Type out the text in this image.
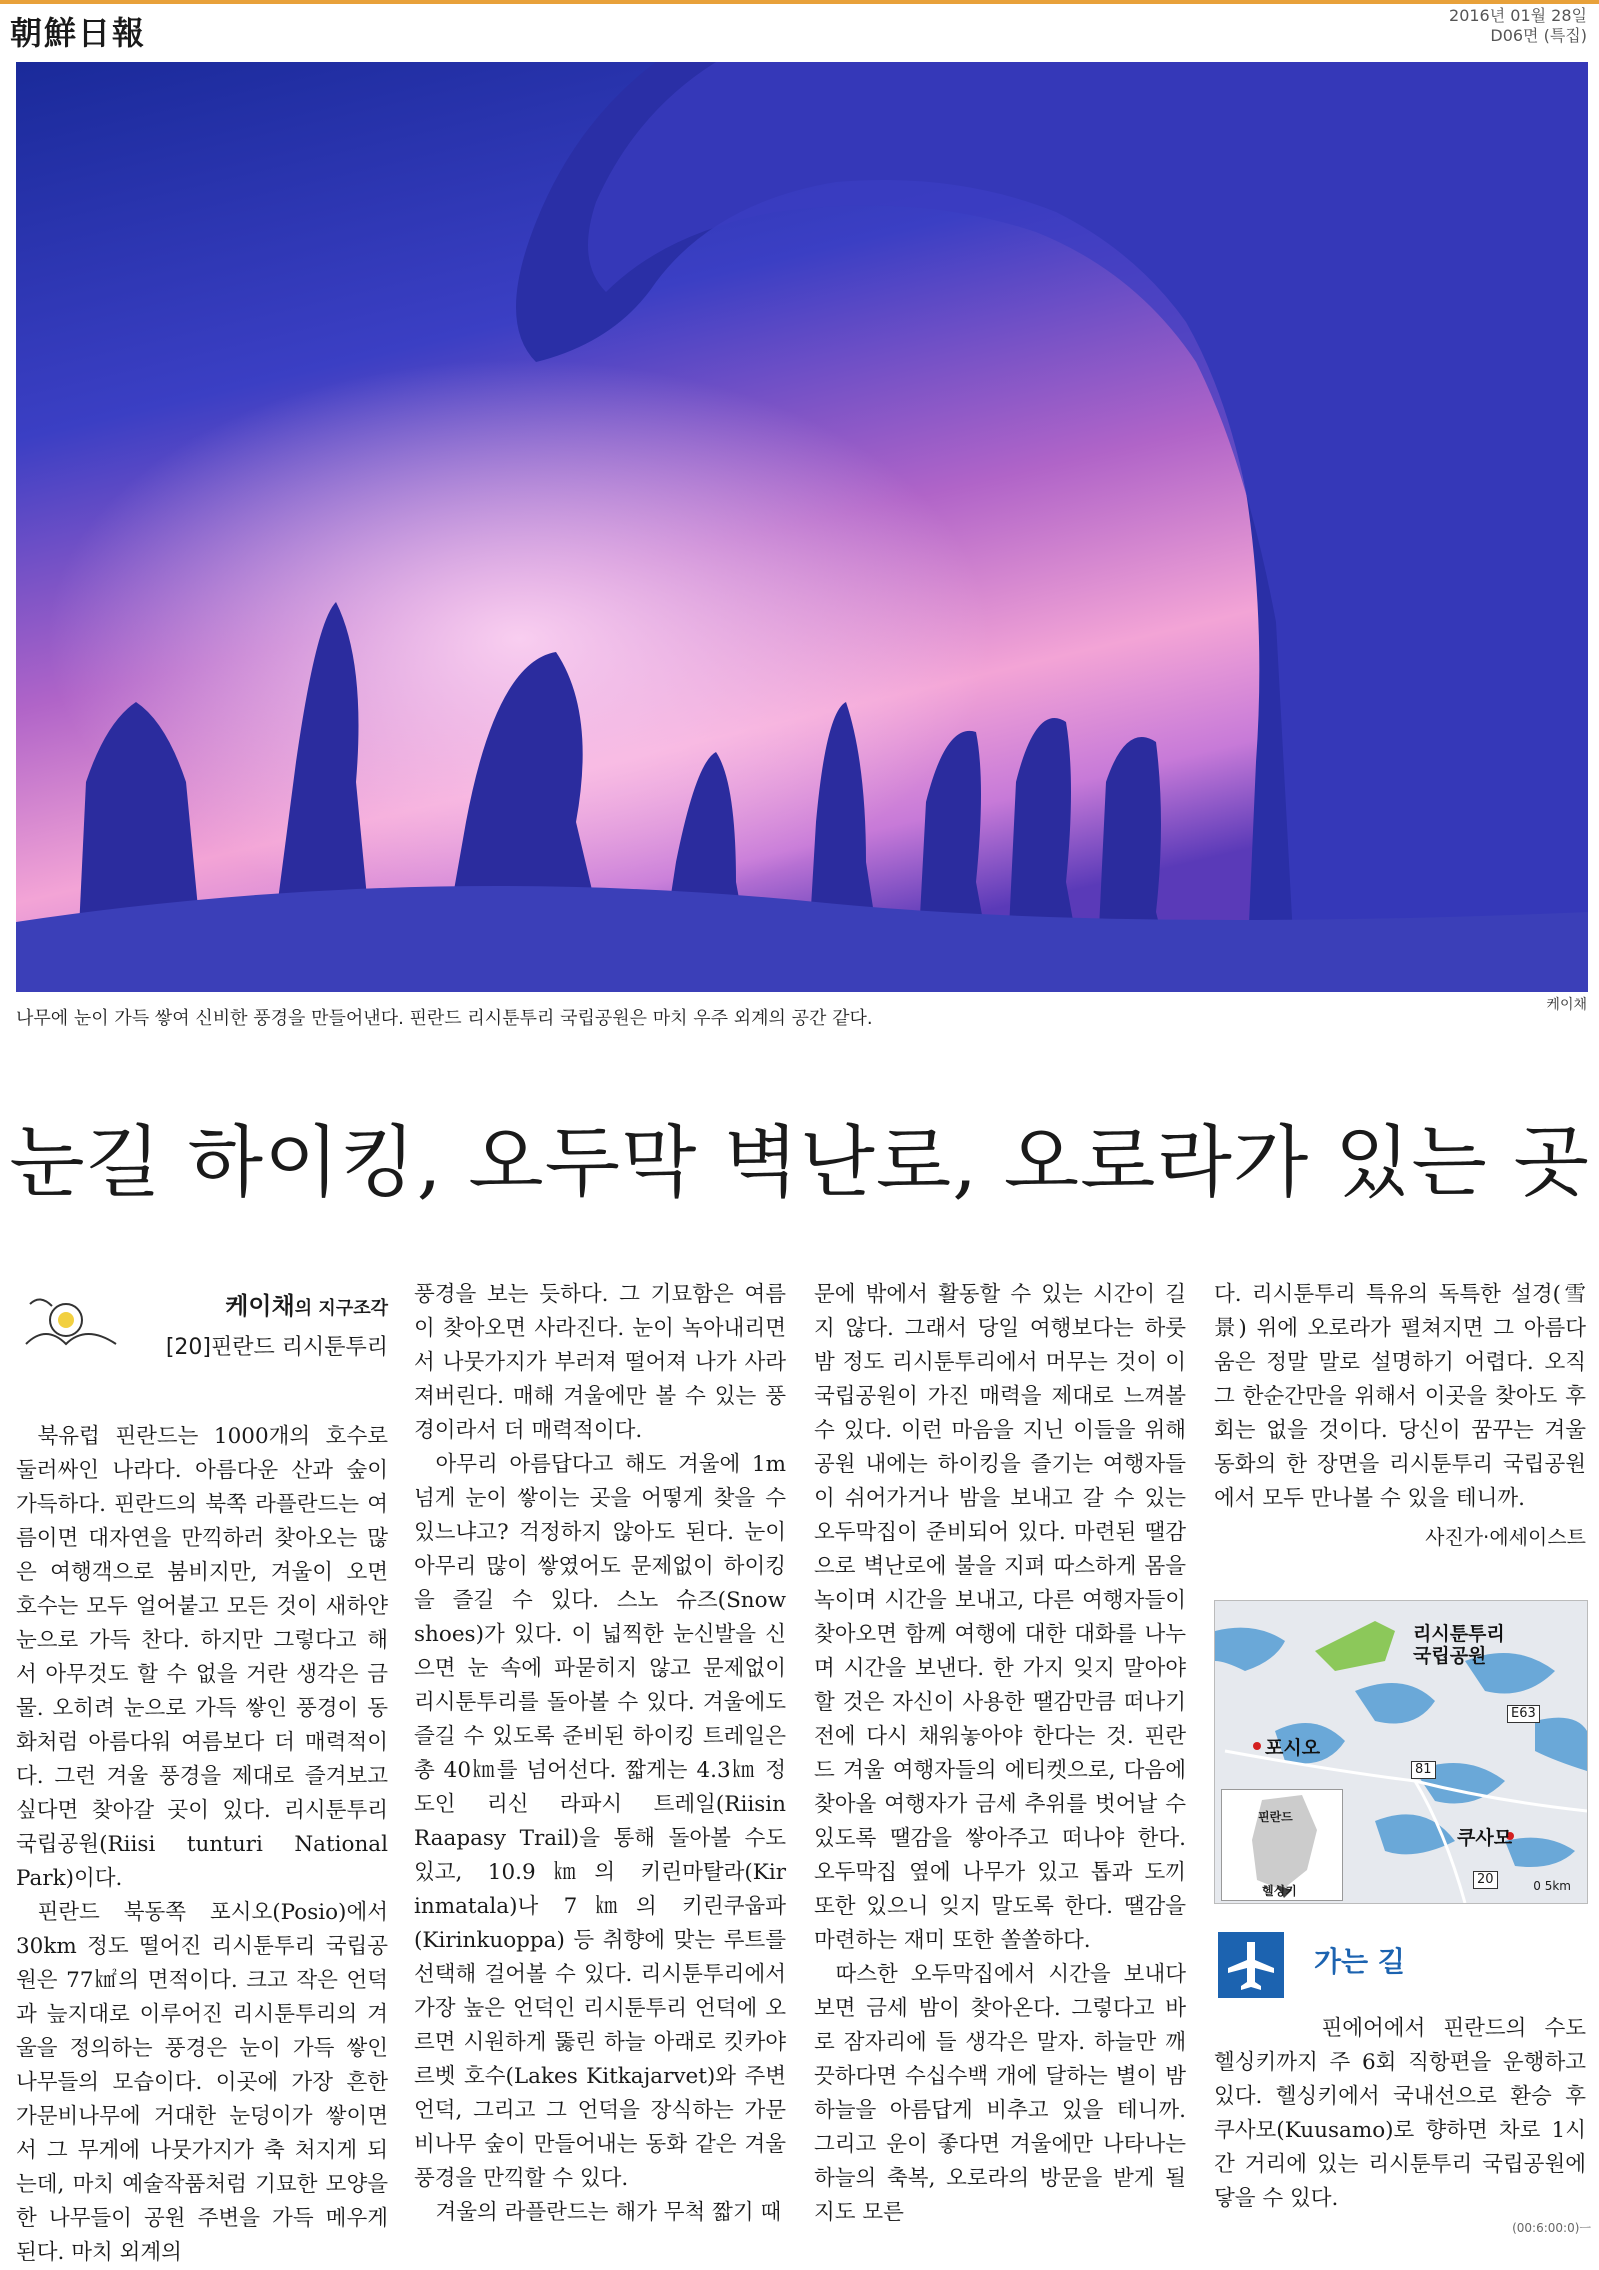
朝鮮日報	2016년 01월 28일
D06면 (특집)
나무에 눈이 가득 쌓여 신비한 풍경을 만들어낸다. 핀란드 리시툰투리 국립공원은 마치 우주 외계의 공간 같다.
케이채
눈길 하이킹, 오두막 벽난로, 오로라가 있는 곳
케이채의 지구조각
[20]핀란드 리시툰투리

북유럽 핀란드는 1000개의 호수로 둘러싸인 나라다. 아름다운 산과 숲이 가득하다. 핀란드의 북쪽 라플란드는 여름이면 대자연을 만끽하러 찾아오는 많은 여행객으로 붐비지만, 겨울이 오면 호수는 모두 얼어붙고 모든 것이 새하얀 눈으로 가득 찬다. 하지만 그렇다고 해서 아무것도 할 수 없을 거란 생각은 금물. 오히려 눈으로 가득 쌓인 풍경이 동화처럼 아름다워 여름보다 더 매력적이다. 그런 겨울 풍경을 제대로 즐겨보고 싶다면 찾아갈 곳이 있다. 리시툰투리 국립공원(Riisi tunturi National Park)이다.

핀란드 북동쪽 포시오(Posio)에서 30km 정도 떨어진 리시툰투리 국립공원은 77㎢의 면적이다. 크고 작은 언덕과 늪지대로 이루어진 리시툰투리의 겨울을 정의하는 풍경은 눈이 가득 쌓인 나무들의 모습이다. 이곳에 가장 흔한 가문비나무에 거대한 눈덩이가 쌓이면서 그 무게에 나뭇가지가 축 처지게 되는데, 마치 예술작품처럼 기묘한 모양을 한 나무들이 공원 주변을 가득 메우게 된다. 마치 외계의

풍경을 보는 듯하다. 그 기묘함은 여름이 찾아오면 사라진다. 눈이 녹아내리면서 나뭇가지가 부러져 떨어져 나가 사라져버린다. 매해 겨울에만 볼 수 있는 풍경이라서 더 매력적이다.

아무리 아름답다고 해도 겨울에 1m 넘게 눈이 쌓이는 곳을 어떻게 찾을 수 있느냐고? 걱정하지 않아도 된다. 눈이 아무리 많이 쌓였어도 문제없이 하이킹을 즐길 수 있다. 스노 슈즈(Snow shoes)가 있다. 이 넓찍한 눈신발을 신으면 눈 속에 파묻히지 않고 문제없이 리시툰투리를 돌아볼 수 있다. 겨울에도 즐길 수 있도록 준비된 하이킹 트레일은 총 40㎞를 넘어선다. 짧게는 4.3㎞ 정도인 리신 라파시 트레일(Riisin Raapasy Trail)을 통해 돌아볼 수도 있고, 10.9㎞의 키린마탈라(Kir inmatala)나 7㎞의 키린쿠웁파(Kirinkuoppa) 등 취향에 맞는 루트를 선택해 걸어볼 수 있다. 리시툰투리에서 가장 높은 언덕인 리시툰투리 언덕에 오르면 시원하게 뚫린 하늘 아래로 킷카야르벳 호수(Lakes Kitkajarvet)와 주변 언덕, 그리고 그 언덕을 장식하는 가문비나무 숲이 만들어내는 동화 같은 겨울 풍경을 만끽할 수 있다.

겨울의 라플란드는 해가 무척 짧기 때

문에 밖에서 활동할 수 있는 시간이 길지 않다. 그래서 당일 여행보다는 하룻밤 정도 리시툰투리에서 머무는 것이 이 국립공원이 가진 매력을 제대로 느껴볼 수 있다. 이런 마음을 지닌 이들을 위해 공원 내에는 하이킹을 즐기는 여행자들이 쉬어가거나 밤을 보내고 갈 수 있는 오두막집이 준비되어 있다. 마련된 땔감으로 벽난로에 불을 지펴 따스하게 몸을 녹이며 시간을 보내고, 다른 여행자들이 찾아오면 함께 여행에 대한 대화를 나누며 시간을 보낸다. 한 가지 잊지 말아야 할 것은 자신이 사용한 땔감만큼 떠나기 전에 다시 채워놓아야 한다는 것. 핀란드 겨울 여행자들의 에티켓으로, 다음에 찾아올 여행자가 금세 추위를 벗어날 수 있도록 땔감을 쌓아주고 떠나야 한다. 오두막집 옆에 나무가 있고 톱과 도끼 또한 있으니 잊지 말도록 한다. 땔감을 마련하는 재미 또한 쏠쏠하다.

따스한 오두막집에서 시간을 보내다 보면 금세 밤이 찾아온다. 그렇다고 바로 잠자리에 들 생각은 말자. 하늘만 깨끗하다면 수십수백 개에 달하는 별이 밤하늘을 아름답게 비추고 있을 테니까. 그리고 운이 좋다면 겨울에만 나타나는 하늘의 축복, 오로라의 방문을 받게 될지도 모른

다. 리시툰투리 특유의 독특한 설경(雪景) 위에 오로라가 펼쳐지면 그 아름다움은 정말 말로 설명하기 어렵다. 오직 그 한순간만을 위해서 이곳을 찾아도 후회는 없을 것이다. 당신이 꿈꾸는 겨울 동화의 한 장면을 리시툰투리 국립공원에서 모두 만나볼 수 있을 테니까.

사진가·에세이스트
리시툰투리
국립공원
포시오
쿠사모
E63
81
20
핀란드
헬싱키	0 5km
가는 길

핀에어에서 핀란드의 수도 헬싱키까지 주 6회 직항편을 운행하고 있다. 헬싱키에서 국내선으로 환승 후 쿠사모(Kuusamo)로 향하면 차로 1시간 거리에 있는 리시툰투리 국립공원에 닿을 수 있다.

(00:6:00:0)ㅡ
